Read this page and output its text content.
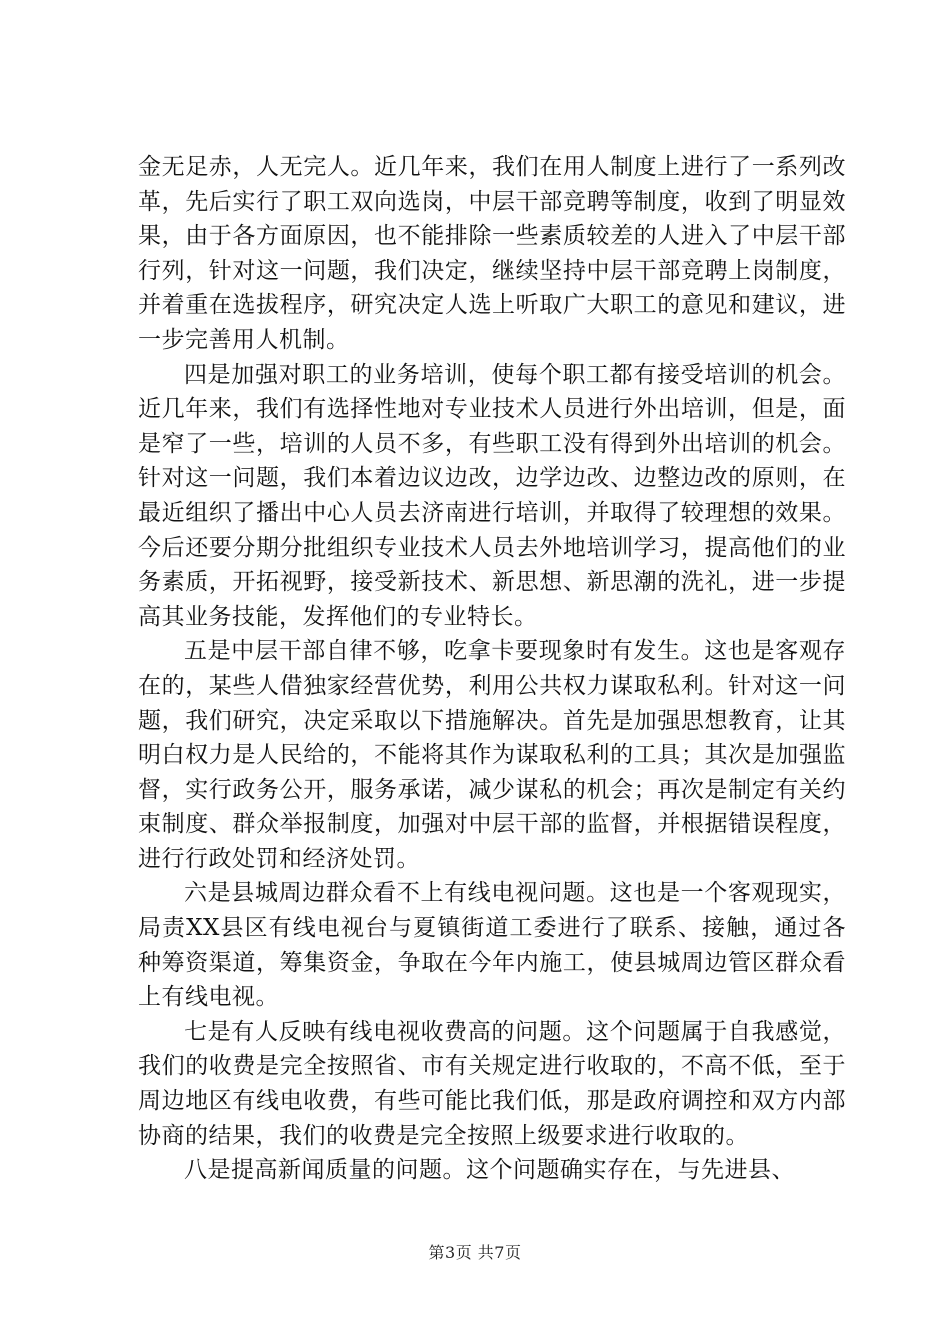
金无足赤，人无完人。近几年来，我们在用人制度上进行了一系列改革，先后实行了职工双向选岗，中层干部竞聘等制度，收到了明显效果，由于各方面原因，也不能排除一些素质较差的人进入了中层干部行列，针对这一问题，我们决定，继续坚持中层干部竞聘上岗制度，并着重在选拔程序，研究决定人选上听取广大职工的意见和建议，进一步完善用人机制。

四是加强对职工的业务培训，使每个职工都有接受培训的机会。近几年来，我们有选择性地对专业技术人员进行外出培训，但是，面是窄了一些，培训的人员不多，有些职工没有得到外出培训的机会。针对这一问题，我们本着边议边改，边学边改、边整边改的原则，在最近组织了播出中心人员去济南进行培训，并取得了较理想的效果。今后还要分期分批组织专业技术人员去外地培训学习，提高他们的业务素质，开拓视野，接受新技术、新思想、新思潮的洗礼，进一步提高其业务技能，发挥他们的专业特长。

五是中层干部自律不够，吃拿卡要现象时有发生。这也是客观存在的，某些人借独家经营优势，利用公共权力谋取私利。针对这一问题，我们研究，决定采取以下措施解决。首先是加强思想教育，让其明白权力是人民给的，不能将其作为谋取私利的工具；其次是加强监督，实行政务公开，服务承诺，减少谋私的机会；再次是制定有关约束制度、群众举报制度，加强对中层干部的监督，并根据错误程度，进行行政处罚和经济处罚。

六是县城周边群众看不上有线电视问题。这也是一个客观现实，局责XX县区有线电视台与夏镇街道工委进行了联系、接触，通过各种筹资渠道，筹集资金，争取在今年内施工，使县城周边管区群众看上有线电视。

七是有人反映有线电视收费高的问题。这个问题属于自我感觉，我们的收费是完全按照省、市有关规定进行收取的，不高不低，至于周边地区有线电收费，有些可能比我们低，那是政府调控和双方内部协商的结果，我们的收费是完全按照上级要求进行收取的。

八是提高新闻质量的问题。这个问题确实存在，与先进县、

第3页 共7页
